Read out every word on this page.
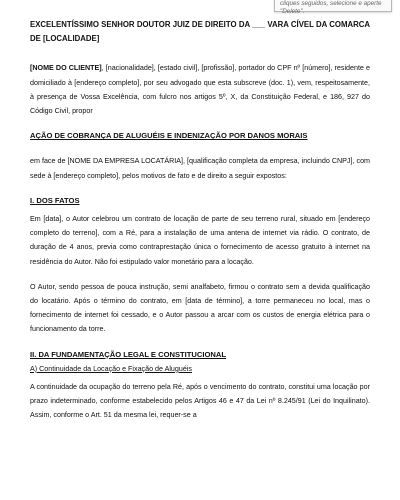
cliques seguidos, selecione e aperte "Delete".

EXCELENTÍSSIMO SENHOR DOUTOR JUIZ DE DIREITO DA ___ VARA CÍVEL DA COMARCA DE [LOCALIDADE]

[NOME DO CLIENTE], [nacionalidade], [estado civil], [profissão], portador do CPF nº [número], residente e domiciliado à [endereço completo], por seu advogado que esta subscreve (doc. 1), vem, respeitosamente, à presença de Vossa Excelência, com fulcro nos artigos 5º, X, da Constituição Federal, e 186, 927 do Código Civil, propor

AÇÃO DE COBRANÇA DE ALUGUÉIS E INDENIZAÇÃO POR DANOS MORAIS

em face de [NOME DA EMPRESA LOCATÁRIA], [qualificação completa da empresa, incluindo CNPJ], com sede à [endereço completo], pelos motivos de fato e de direito a seguir expostos:

I. DOS FATOS

Em [data], o Autor celebrou um contrato de locação de parte de seu terreno rural, situado em [endereço completo do terreno], com a Ré, para a instalação de uma antena de internet via rádio. O contrato, de duração de 4 anos, previa como contraprestação única o fornecimento de acesso gratuito à internet na residência do Autor. Não foi estipulado valor monetário para a locação.

O Autor, sendo pessoa de pouca instrução, semi analfabeto, firmou o contrato sem a devida qualificação do locatário. Após o término do contrato, em [data de término], a torre permaneceu no local, mas o fornecimento de internet foi cessado, e o Autor passou a arcar com os custos de energia elétrica para o funcionamento da torre.

II. DA FUNDAMENTAÇÃO LEGAL E CONSTITUCIONAL

A) Continuidade da Locação e Fixação de Aluguéis

A continuidade da ocupação do terreno pela Ré, após o vencimento do contrato, constitui uma locação por prazo indeterminado, conforme estabelecido pelos Artigos 46 e 47 da Lei nº 8.245/91 (Lei do Inquilinato). Assim, conforme o Art. 51 da mesma lei, requer-se a
